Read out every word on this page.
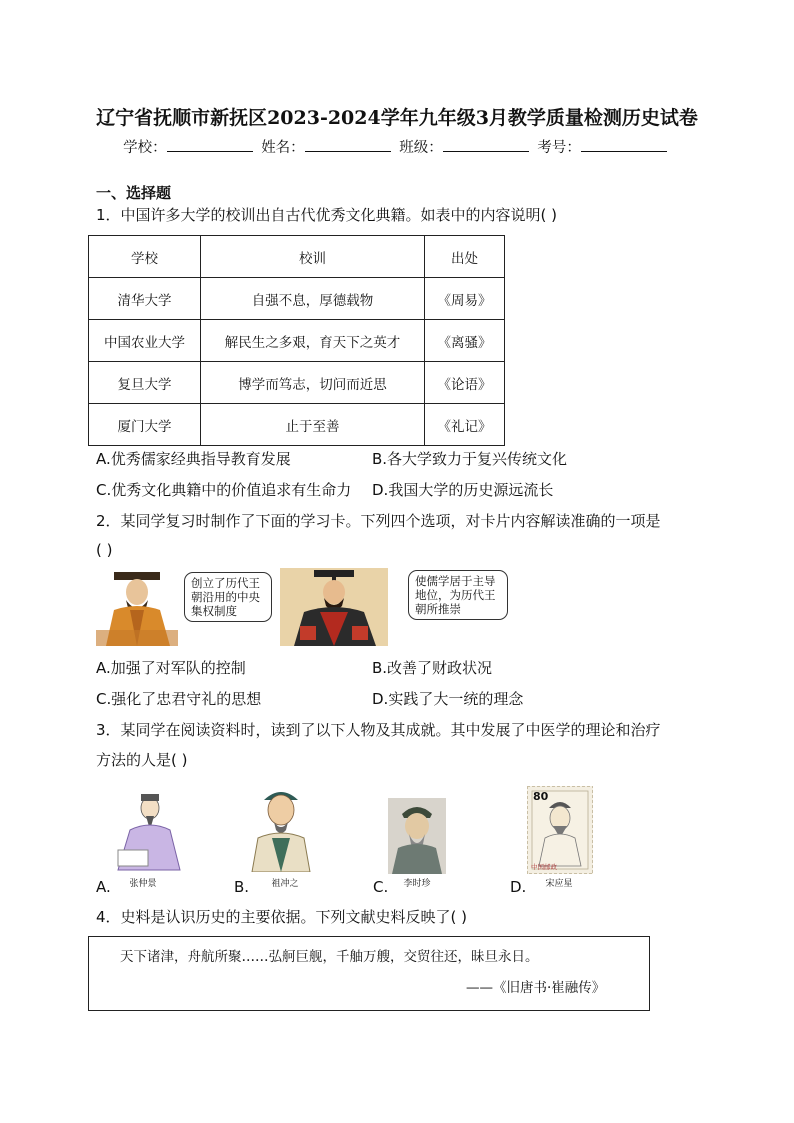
辽宁省抚顺市新抚区2023-2024学年九年级3月教学质量检测历史试卷
学校：	姓名：	班级：	考号：
一、选择题
1．中国许多大学的校训出自古代优秀文化典籍。如表中的内容说明( )
学校	校训	出处
清华大学	自强不息，厚德载物	《周易》
中国农业大学	解民生之多艰，育天下之英才	《离骚》
复旦大学	博学而笃志，切问而近思	《论语》
厦门大学	止于至善	《礼记》
A.优秀儒家经典指导教育发展	B.各大学致力于复兴传统文化
C.优秀文化典籍中的价值追求有生命力 D.我国大学的历史源远流长
2．某同学复习时制作了下面的学习卡。下列四个选项，对卡片内容解读准确的一项是
( )
创立了历代王朝沿用的中央集权制度
使儒学居于主导地位，为历代王朝所推崇
A.加强了对军队的控制	B.改善了财政状况
C.强化了忠君守礼的思想	D.实践了大一统的理念
3．某同学在阅读资料时，读到了以下人物及其成就。其中发展了中医学的理论和治疗
方法的人是( )
A.	张仲景	B.	祖冲之	C.	李时珍
80
中国邮政
D.	宋应星
4．史料是认识历史的主要依据。下列文献史料反映了( )
天下诸津，舟航所聚……弘舸巨舰，千舳万艘，交贸往还，昧旦永日。
——《旧唐书·崔融传》
